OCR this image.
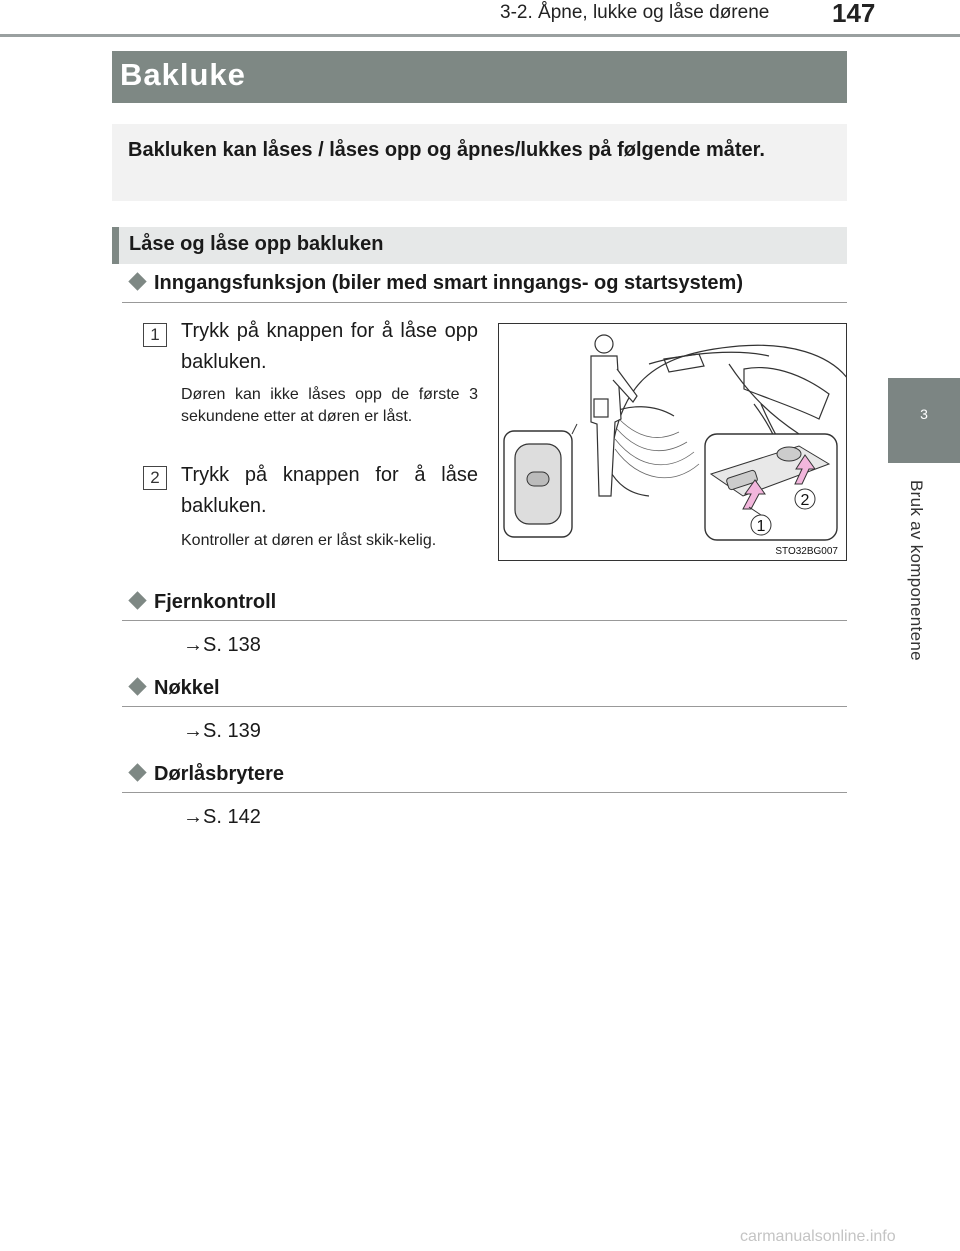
3-2. Åpne, lukke og låse dørene 147
3
Bruk av komponentene
Bakluke
Bakluken kan låses / låses opp og åpnes/lukkes på følgende måter.
Låse og låse opp bakluken
Inngangsfunksjon (biler med smart inngangs- og startsystem)
1	Trykk på knappen for å låse opp bakluken.
Døren kan ikke låses opp de første 3 sekundene etter at døren er låst.
2	Trykk på knappen for å låse bakluken.
Kontroller at døren er låst skik-kelig.
1
2
STO32BG007
Fjernkontroll
→S. 138
Nøkkel
→S. 139
Dørlåsbrytere
→S. 142
carmanualsonline.info
